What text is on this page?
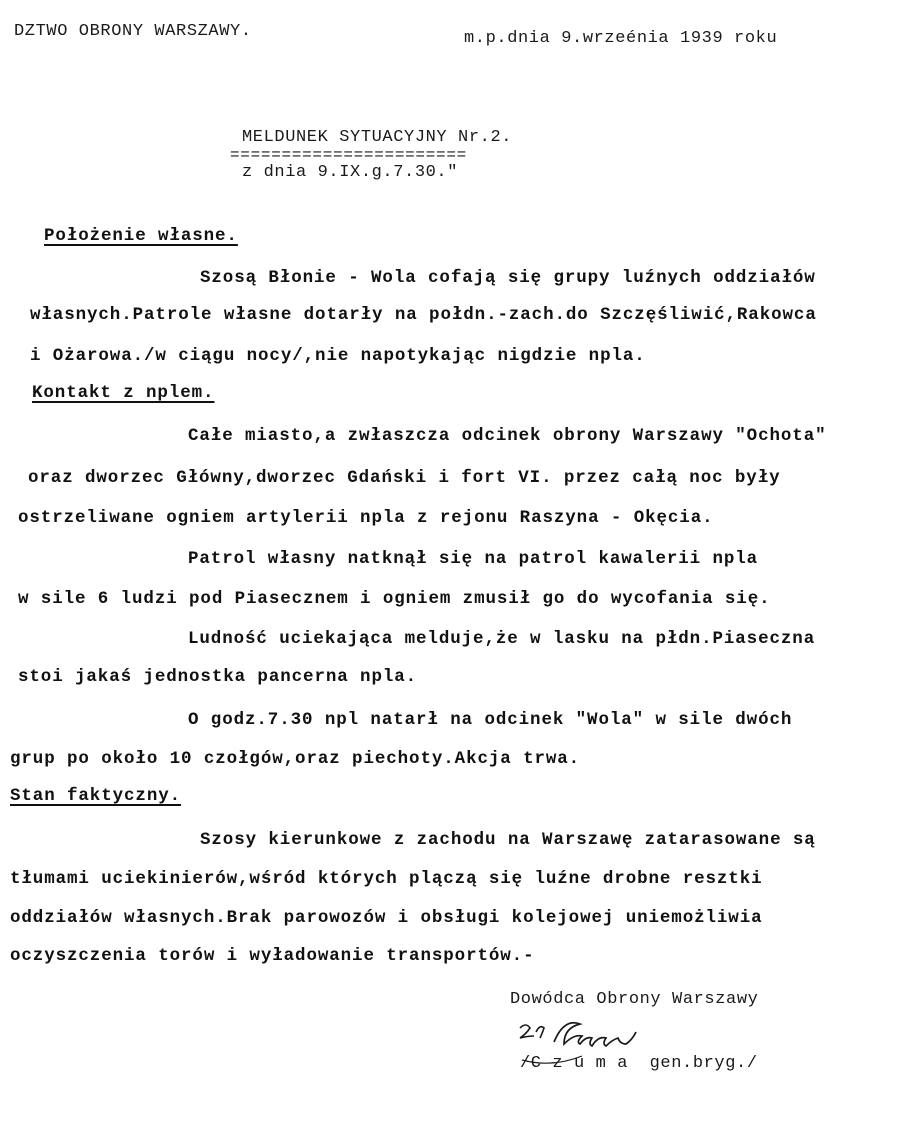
DZTWO OBRONY WARSZAWY.	m.p.dnia 9.wrzeénia 1939 roku

MELDUNEK SYTUACYJNY Nr.2.

=======================

z dnia 9.IX.g.7.30."

Położenie własne.

Szosą Błonie - Wola cofają się grupy luźnych oddziałów

własnych.Patrole własne dotarły na połdn.-zach.do Szczęśliwić,Rakowca

i Ożarowa./w ciągu nocy/,nie napotykając nigdzie npla.

Kontakt z nplem.

Całe miasto,a zwłaszcza odcinek obrony Warszawy "Ochota"

oraz dworzec Główny,dworzec Gdański i fort VI. przez całą noc były

ostrzeliwane ogniem artylerii npla z rejonu Raszyna - Okęcia.

Patrol własny natknął się na patrol kawalerii npla

w sile 6 ludzi pod Piasecznem i ogniem zmusił go do wycofania się.

Ludność uciekająca melduje,że w lasku na płdn.Piaseczna

stoi jakaś jednostka pancerna npla.

O godz.7.30 npl natarł na odcinek "Wola" w sile dwóch

grup po około 10 czołgów,oraz piechoty.Akcja trwa.

Stan faktyczny.

Szosy kierunkowe z zachodu na Warszawę zatarasowane są

tłumami uciekinierów,wśród których plączą się luźne drobne resztki

oddziałów własnych.Brak parowozów i obsługi kolejowej uniemożliwia

oczyszczenia torów i wyładowanie transportów.-

Dowódca Obrony Warszawy

/C z u m a  gen.bryg./
